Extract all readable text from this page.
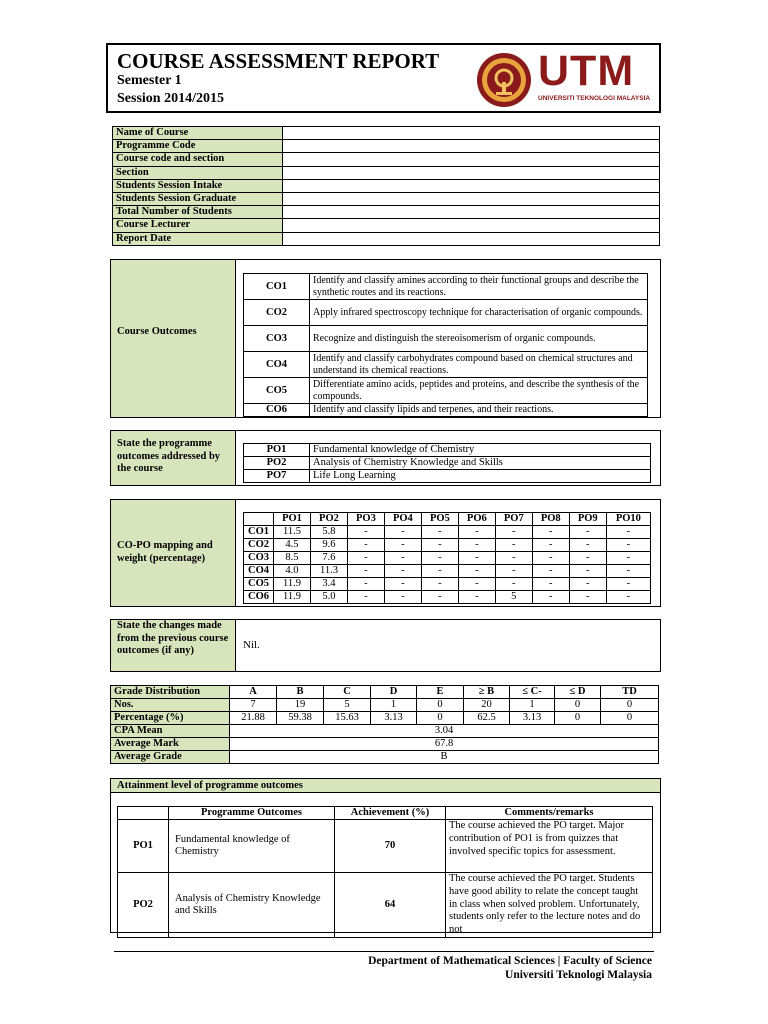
COURSE ASSESSMENT REPORT
Semester 1
Session 2014/2015
UTM
UNIVERSITI TEKNOLOGI MALAYSIA
Name of Course	
Programme Code	
Course code and section	
Section	
Students Session Intake	
Students Session Graduate	
Total Number of Students	
Course Lecturer	
Report Date	
Course Outcomes
CO1	Identify and classify amines according to their functional groups and describe the synthetic routes and its reactions.
CO2	Apply infrared spectroscopy technique for characterisation of organic compounds.
CO3	Recognize and distinguish the stereoisomerism of organic compounds.
CO4	Identify and classify carbohydrates compound based on chemical structures and understand its chemical reactions.
CO5	Differentiate amino acids, peptides and proteins, and describe the synthesis of the compounds.
CO6	Identify and classify lipids and terpenes, and their reactions.
State the programme outcomes addressed by the course
PO1	Fundamental knowledge of Chemistry
PO2	Analysis of Chemistry Knowledge and Skills
PO7	Life Long Learning
CO-PO mapping and weight (percentage)
	PO1	PO2	PO3	PO4	PO5	PO6	PO7	PO8	PO9	PO10
CO1	11.5	5.8	-	-	-	-	-	-	-	-
CO2	4.5	9.6	-	-	-	-	-	-	-	-
CO3	8.5	7.6	-	-	-	-	-	-	-	-
CO4	4.0	11.3	-	-	-	-	-	-	-	-
CO5	11.9	3.4	-	-	-	-	-	-	-	-
CO6	11.9	5.0	-	-	-	-	5	-	-	-
State the changes made from the previous course outcomes (if any)	Nil.
Grade Distribution	A	B	C	D	E	≥ B	≤ C-	≤ D	TD
Nos.	7	19	5	1	0	20	1	0	0
Percentage (%)	21.88	59.38	15.63	3.13	0	62.5	3.13	0	0
CPA Mean	3.04								
Average Mark	67.8								
Average Grade	B								
Attainment level of programme outcomes
	Programme Outcomes	Achievement (%)	Comments/remarks
PO1	Fundamental knowledge of Chemistry	70	The course achieved the PO target. Major contribution of PO1 is from quizzes that involved specific topics for assessment.
PO2	Analysis of Chemistry Knowledge and Skills	64	The course achieved the PO target. Students have good ability to relate the concept taught in class when solved problem. Unfortunately, students only refer to the lecture notes and do not
Department of Mathematical Sciences | Faculty of Science
Universiti Teknologi Malaysia
